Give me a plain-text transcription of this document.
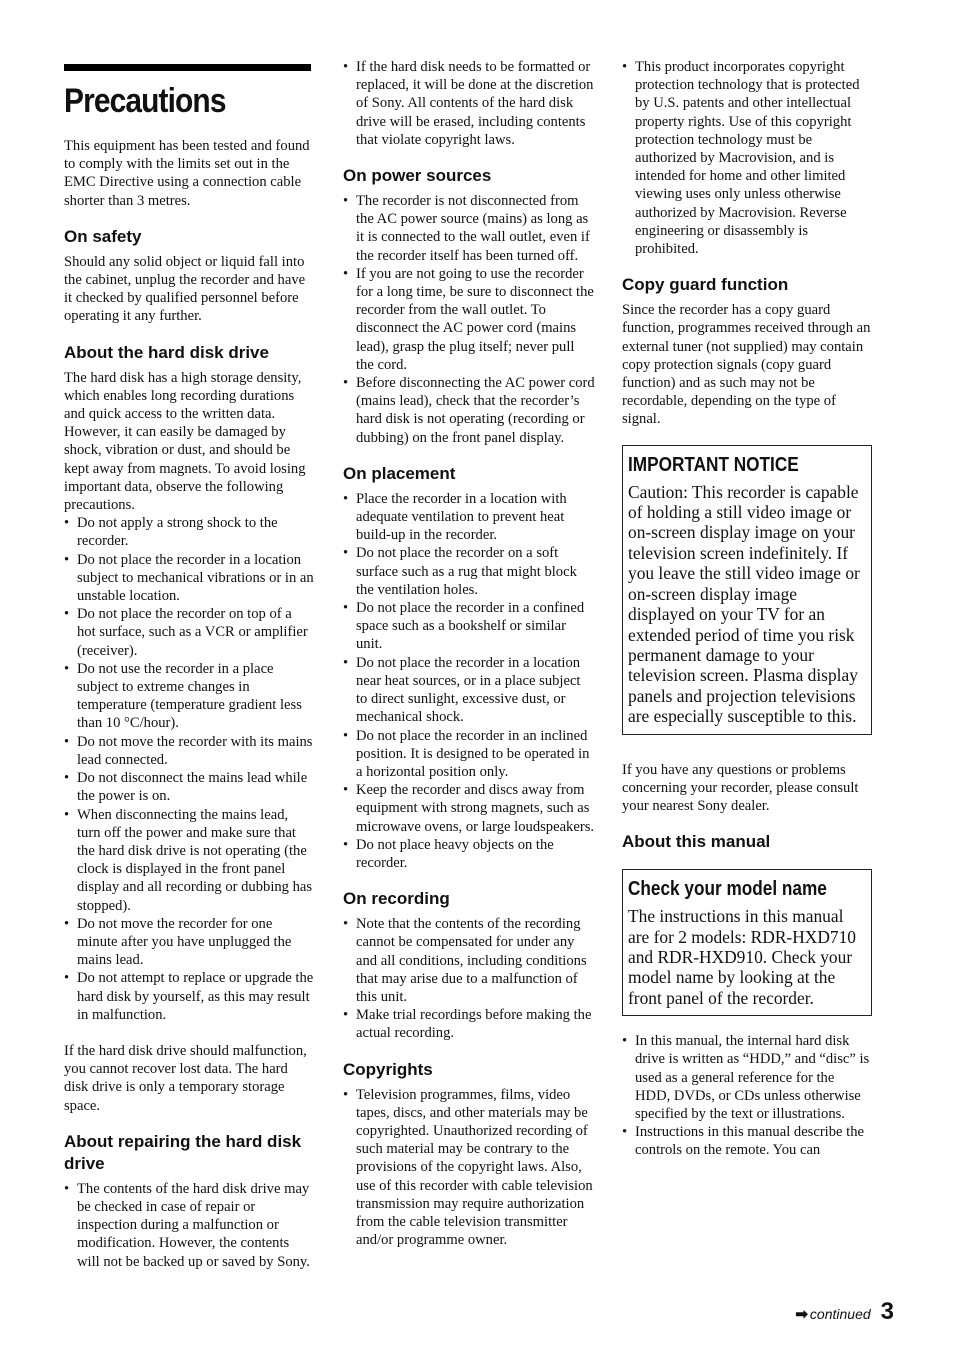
Precautions

This equipment has been tested and found to comply with the limits set out in the EMC Directive using a connection cable shorter than 3 metres.

On safety

Should any solid object or liquid fall into the cabinet, unplug the recorder and have it checked by qualified personnel before operating it any further.

About the hard disk drive

The hard disk has a high storage density, which enables long recording durations and quick access to the written data. However, it can easily be damaged by shock, vibration or dust, and should be kept away from magnets. To avoid losing important data, observe the following precautions.

• Do not apply a strong shock to the recorder.
• Do not place the recorder in a location subject to mechanical vibrations or in an unstable location.
• Do not place the recorder on top of a hot surface, such as a VCR or amplifier (receiver).
• Do not use the recorder in a place subject to extreme changes in temperature (temperature gradient less than 10 °C/hour).
• Do not move the recorder with its mains lead connected.
• Do not disconnect the mains lead while the power is on.
• When disconnecting the mains lead, turn off the power and make sure that the hard disk drive is not operating (the clock is displayed in the front panel display and all recording or dubbing has stopped).
• Do not move the recorder for one minute after you have unplugged the mains lead.
• Do not attempt to replace or upgrade the hard disk by yourself, as this may result in malfunction.

If the hard disk drive should malfunction, you cannot recover lost data. The hard disk drive is only a temporary storage space.

About repairing the hard disk drive
• The contents of the hard disk drive may be checked in case of repair or inspection during a malfunction or modification. However, the contents will not be backed up or saved by Sony.
• If the hard disk needs to be formatted or replaced, it will be done at the discretion of Sony. All contents of the hard disk drive will be erased, including contents that violate copyright laws.
On power sources
• The recorder is not disconnected from the AC power source (mains) as long as it is connected to the wall outlet, even if the recorder itself has been turned off.
• If you are not going to use the recorder for a long time, be sure to disconnect the recorder from the wall outlet. To disconnect the AC power cord (mains lead), grasp the plug itself; never pull the cord.
• Before disconnecting the AC power cord (mains lead), check that the recorder’s hard disk is not operating (recording or dubbing) on the front panel display.
On placement
• Place the recorder in a location with adequate ventilation to prevent heat build-up in the recorder.
• Do not place the recorder on a soft surface such as a rug that might block the ventilation holes.
• Do not place the recorder in a confined space such as a bookshelf or similar unit.
• Do not place the recorder in a location near heat sources, or in a place subject to direct sunlight, excessive dust, or mechanical shock.
• Do not place the recorder in an inclined position. It is designed to be operated in a horizontal position only.
• Keep the recorder and discs away from equipment with strong magnets, such as microwave ovens, or large loudspeakers.
• Do not place heavy objects on the recorder.
On recording
• Note that the contents of the recording cannot be compensated for under any and all conditions, including conditions that may arise due to a malfunction of this unit.
• Make trial recordings before making the actual recording.
Copyrights
• Television programmes, films, video tapes, discs, and other materials may be copyrighted. Unauthorized recording of such material may be contrary to the provisions of the copyright laws. Also, use of this recorder with cable television transmission may require authorization from the cable television transmitter and/or programme owner.
• This product incorporates copyright protection technology that is protected by U.S. patents and other intellectual property rights. Use of this copyright protection technology must be authorized by Macrovision, and is intended for home and other limited viewing uses only unless otherwise authorized by Macrovision. Reverse engineering or disassembly is prohibited.
Copy guard function

Since the recorder has a copy guard function, programmes received through an external tuner (not supplied) may contain copy protection signals (copy guard function) and as such may not be recordable, depending on the type of signal.

IMPORTANT NOTICE
Caution: This recorder is capable of holding a still video image or on-screen display image on your television screen indefinitely. If you leave the still video image or on-screen display image displayed on your TV for an extended period of time you risk permanent damage to your television screen. Plasma display panels and projection televisions are especially susceptible to this.

If you have any questions or problems concerning your recorder, please consult your nearest Sony dealer.

About this manual
Check your model name
The instructions in this manual are for 2 models: RDR-HXD710 and RDR-HXD910. Check your model name by looking at the front panel of the recorder.
• In this manual, the internal hard disk drive is written as “HDD,” and “disc” is used as a general reference for the HDD, DVDs, or CDs unless otherwise specified by the text or illustrations.
• Instructions in this manual describe the controls on the remote. You can
➡ continued 3
